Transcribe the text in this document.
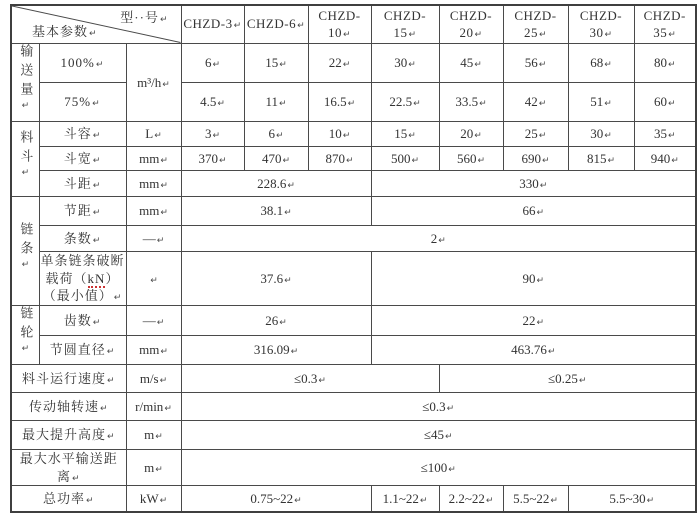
型··号↵
基本参数↵			CHZD-3↵	CHZD-6↵	CHZD-10↵	CHZD-15↵	CHZD-20↵	CHZD-25↵	CHZD-30↵	CHZD-35↵
输送量↵	100%↵	m³/h↵	6↵	15↵	22↵	30↵	45↵	56↵	68↵	80↵
	75%↵		4.5↵	11↵	16.5↵	22.5↵	33.5↵	42↵	51↵	60↵
料斗↵	斗容↵	L↵	3↵	6↵	10↵	15↵	20↵	25↵	30↵	35↵
	斗宽↵	mm↵	370↵	470↵	870↵	500↵	560↵	690↵	815↵	940↵
	斗距↵	mm↵	228.6↵			330↵				
链条↵	节距↵	mm↵	38.1↵			66↵				
	条数↵	—↵	2↵							
	单条链条破断载荷（kN）（最小值）↵	↵	37.6↵			90↵				
链轮↵	齿数↵	—↵	26↵			22↵				
	节圆直径↵	mm↵	316.09↵			463.76↵				
料斗运行速度↵		m/s↵	≤0.3↵				≤0.25↵			
传动轴转速↵		r/min↵	≤0.3↵							
最大提升高度↵		m↵	≤45↵							
最大水平输送距离↵		m↵	≤100↵							
总功率↵		kW↵	0.75~22↵			1.1~22↵	2.2~22↵	5.5~22↵	5.5~30↵	
